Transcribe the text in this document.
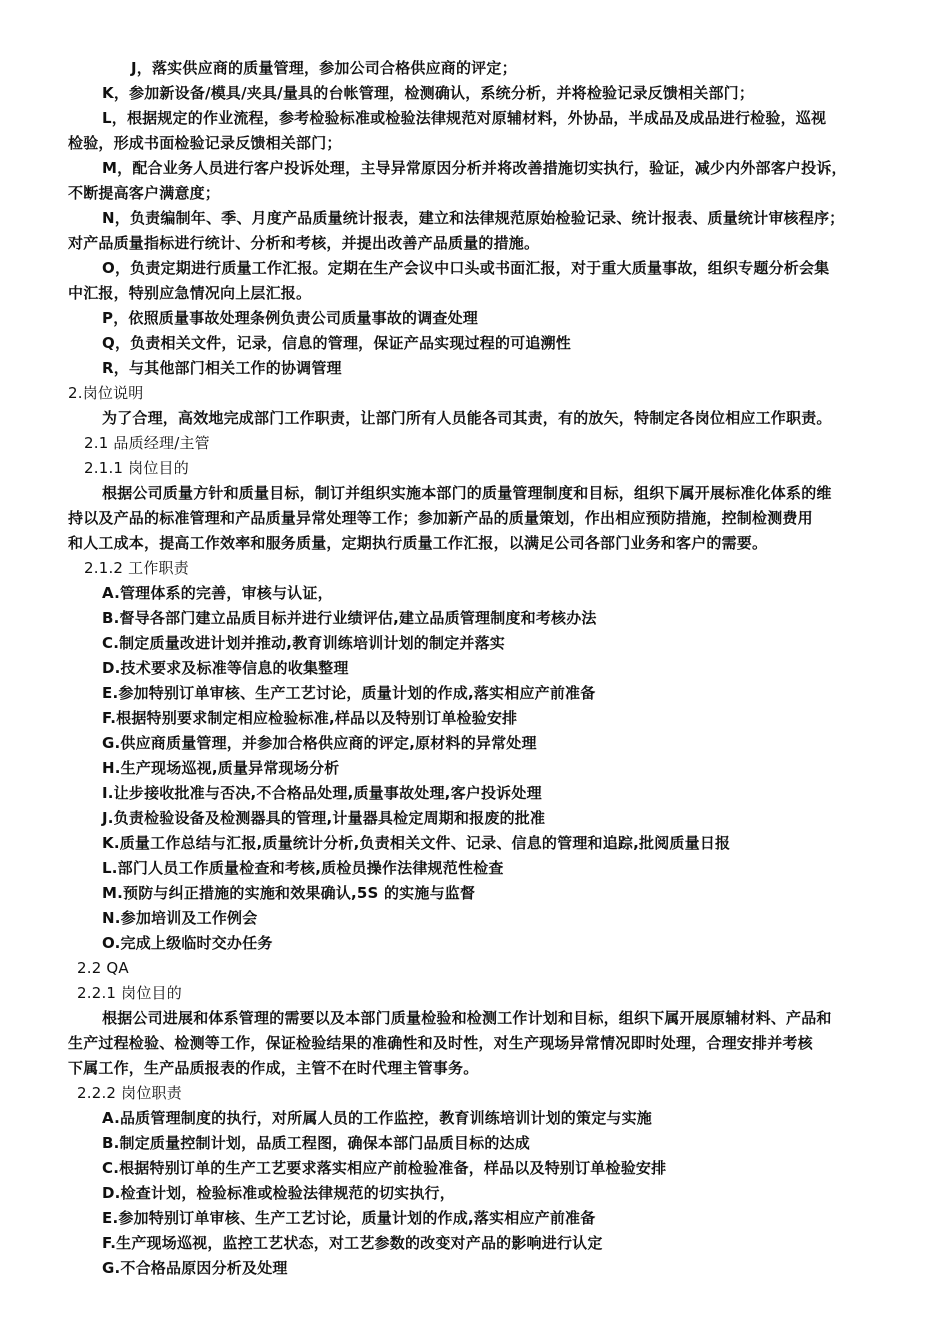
J，落实供应商的质量管理，参加公司合格供应商的评定；
K，参加新设备/模具/夹具/量具的台帐管理，检测确认，系统分析，并将检验记录反馈相关部门；
L，根据规定的作业流程，参考检验标准或检验法律规范对原辅材料，外协品，半成品及成品进行检验，巡视
检验，形成书面检验记录反馈相关部门；
M，配合业务人员进行客户投诉处理，主导异常原因分析并将改善措施切实执行，验证，减少内外部客户投诉，
不断提高客户满意度；
N，负责编制年、季、月度产品质量统计报表，建立和法律规范原始检验记录、统计报表、质量统计审核程序；
对产品质量指标进行统计、分析和考核，并提出改善产品质量的措施。
O，负责定期进行质量工作汇报。定期在生产会议中口头或书面汇报，对于重大质量事故，组织专题分析会集
中汇报，特别应急情况向上层汇报。
P，依照质量事故处理条例负责公司质量事故的调查处理
Q，负责相关文件，记录，信息的管理，保证产品实现过程的可追溯性
R，与其他部门相关工作的协调管理
2.岗位说明
为了合理，高效地完成部门工作职责，让部门所有人员能各司其责，有的放矢，特制定各岗位相应工作职责。
2.1 品质经理/主管
2.1.1 岗位目的
根据公司质量方针和质量目标，制订并组织实施本部门的质量管理制度和目标，组织下属开展标准化体系的维
持以及产品的标准管理和产品质量异常处理等工作；参加新产品的质量策划，作出相应预防措施，控制检测费用
和人工成本，提高工作效率和服务质量，定期执行质量工作汇报，以满足公司各部门业务和客户的需要。
2.1.2 工作职责
A.管理体系的完善，审核与认证，
B.督导各部门建立品质目标并进行业绩评估,建立品质管理制度和考核办法
C.制定质量改进计划并推动,教育训练培训计划的制定并落实
D.技术要求及标准等信息的收集整理
E.参加特别订单审核、生产工艺讨论，质量计划的作成,落实相应产前准备
F.根据特别要求制定相应检验标准,样品以及特别订单检验安排
G.供应商质量管理，并参加合格供应商的评定,原材料的异常处理
H.生产现场巡视,质量异常现场分析
I.让步接收批准与否决,不合格品处理,质量事故处理,客户投诉处理
J.负责检验设备及检测器具的管理,计量器具检定周期和报废的批准
K.质量工作总结与汇报,质量统计分析,负责相关文件、记录、信息的管理和追踪,批阅质量日报
L.部门人员工作质量检查和考核,质检员操作法律规范性检查
M.预防与纠正措施的实施和效果确认,5S 的实施与监督
N.参加培训及工作例会
O.完成上级临时交办任务
2.2 QA
2.2.1 岗位目的
根据公司进展和体系管理的需要以及本部门质量检验和检测工作计划和目标，组织下属开展原辅材料、产品和
生产过程检验、检测等工作，保证检验结果的准确性和及时性，对生产现场异常情况即时处理，合理安排并考核
下属工作，生产品质报表的作成，主管不在时代理主管事务。
2.2.2 岗位职责
A.品质管理制度的执行，对所属人员的工作监控，教育训练培训计划的策定与实施
B.制定质量控制计划，品质工程图，确保本部门品质目标的达成
C.根据特别订单的生产工艺要求落实相应产前检验准备，样品以及特别订单检验安排
D.检查计划，检验标准或检验法律规范的切实执行，
E.参加特别订单审核、生产工艺讨论，质量计划的作成,落实相应产前准备
F.生产现场巡视，监控工艺状态，对工艺参数的改变对产品的影响进行认定
G.不合格品原因分析及处理
